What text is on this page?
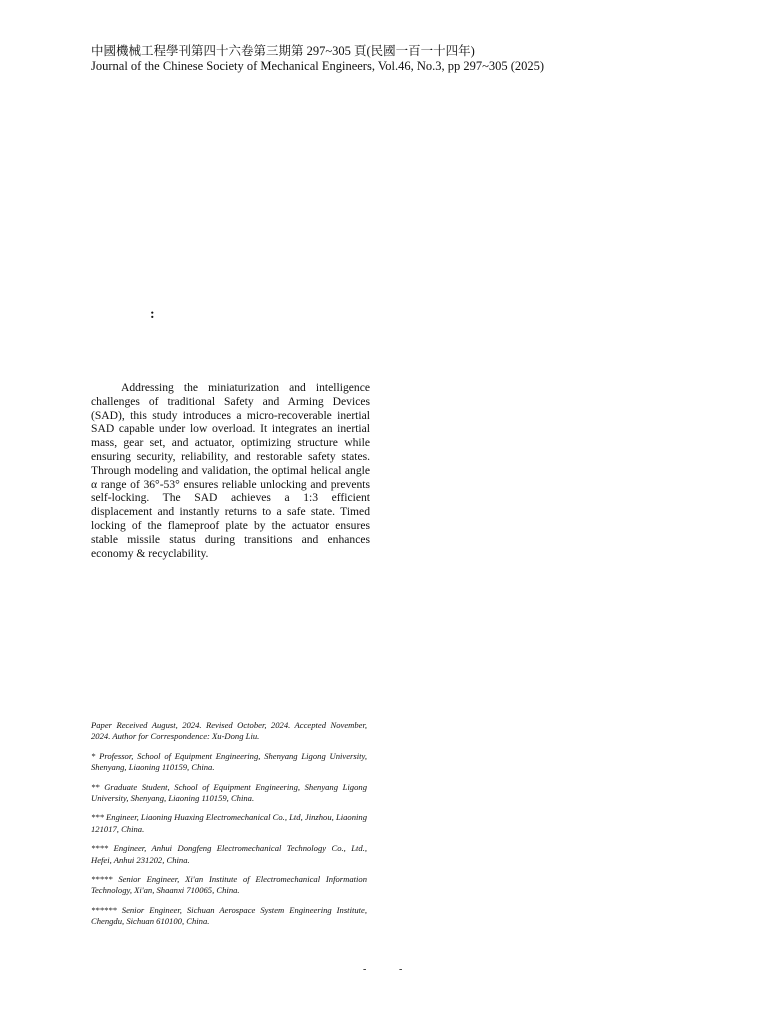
中國機械工程學刊第四十六卷第三期第 297~305 頁(民國一百一十四年)
Journal of the Chinese Society of Mechanical Engineers, Vol.46, No.3, pp 297~305 (2025)
:

Addressing the miniaturization and intelligence challenges of traditional Safety and Arming Devices (SAD), this study introduces a micro-recoverable inertial SAD capable under low overload. It integrates an inertial mass, gear set, and actuator, optimizing structure while ensuring security, reliability, and restorable safety states. Through modeling and validation, the optimal helical angle α range of 36°-53° ensures reliable unlocking and prevents self-locking. The SAD achieves a 1:3 efficient displacement and instantly returns to a safe state. Timed locking of the flameproof plate by the actuator ensures stable missile status during transitions and enhances economy & recyclability.

Paper Received August, 2024. Revised October, 2024. Accepted November, 2024. Author for Correspondence: Xu-Dong Liu.

* Professor, School of Equipment Engineering, Shenyang Ligong University, Shenyang, Liaoning 110159, China.

** Graduate Student, School of Equipment Engineering, Shenyang Ligong University, Shenyang, Liaoning 110159, China.

*** Engineer, Liaoning Huaxing Electromechanical Co., Ltd, Jinzhou, Liaoning 121017, China.

**** Engineer, Anhui Dongfeng Electromechanical Technology Co., Ltd., Hefei, Anhui 231202, China.

***** Senior Engineer, Xi'an Institute of Electromechanical Information Technology, Xi'an, Shaanxi 710065, China.

****** Senior Engineer, Sichuan Aerospace System Engineering Institute, Chengdu, Sichuan 610100, China.

-	-
